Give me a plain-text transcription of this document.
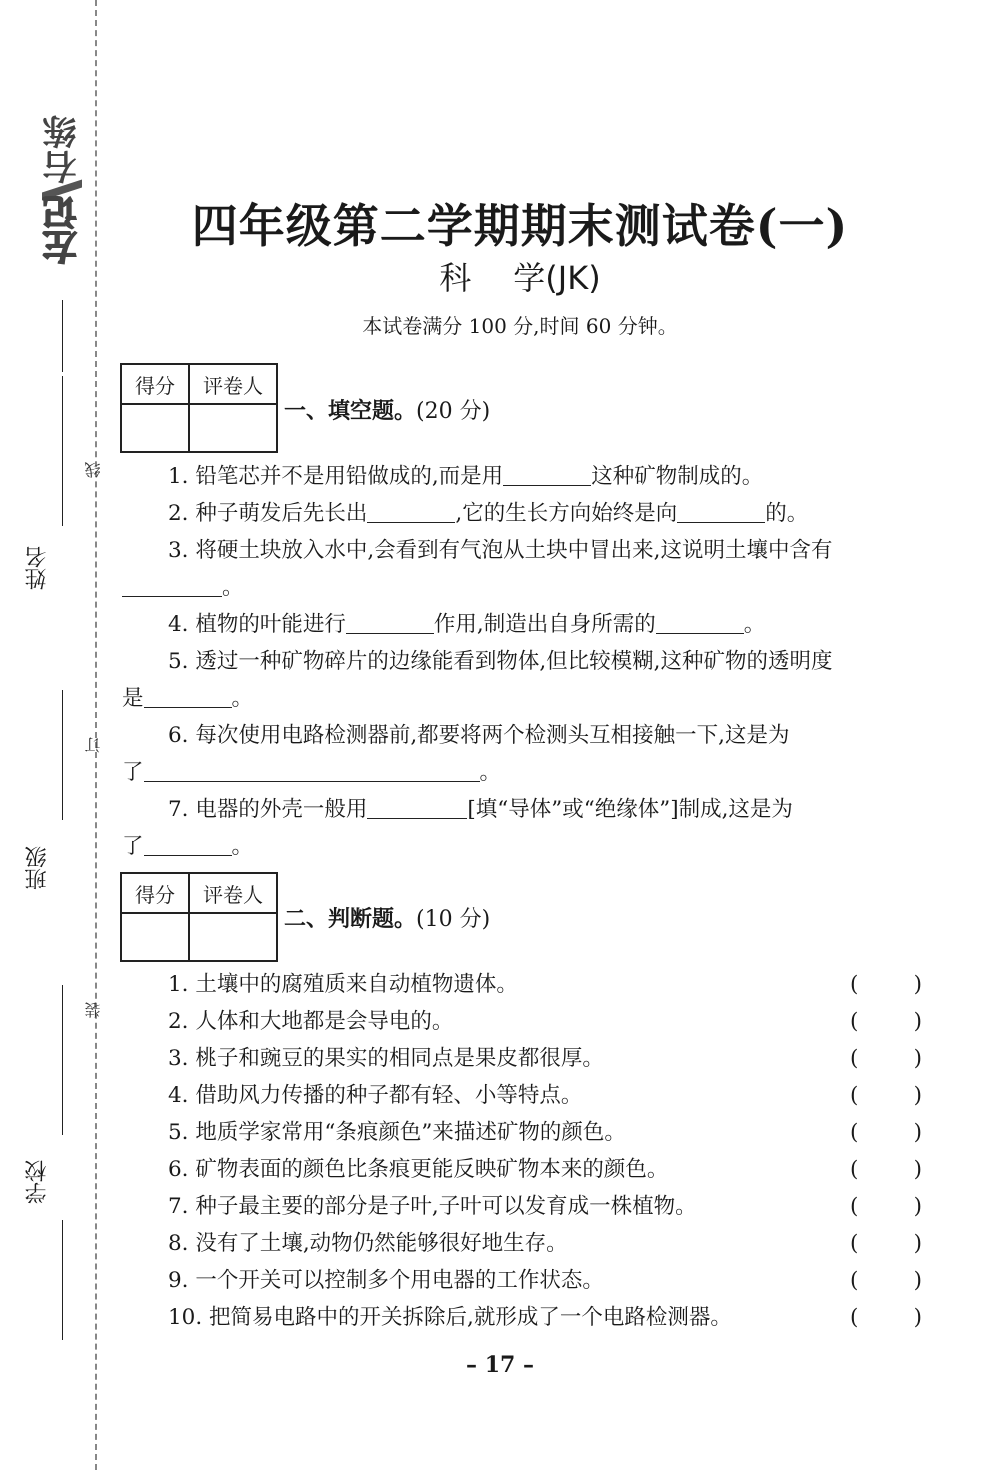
右练
左记
姓名
班级
学校
线
订
装
四年级第二学期期末测试卷(一)
科 学(JK)
本试卷满分 100 分,时间 60 分钟。
得分	评卷人

一、填空题。(20 分)
1. 铅笔芯并不是用铅做成的,而是用	这种矿物制成的。
2. 种子萌发后先长出	,它的生长方向始终是向	的。
3. 将硬土块放入水中,会看到有气泡从土块中冒出来,这说明土壤中含有
。
4. 植物的叶能进行	作用,制造出自身所需的	。
5. 透过一种矿物碎片的边缘能看到物体,但比较模糊,这种矿物的透明度
是	。
6. 每次使用电路检测器前,都要将两个检测头互相接触一下,这是为
了	。
7. 电器的外壳一般用	[填“导体”或“绝缘体”]制成,这是为
了	。
得分	评卷人

二、判断题。(10 分)
1. 土壤中的腐殖质来自动植物遗体。	(	)
2. 人体和大地都是会导电的。	(	)
3. 桃子和豌豆的果实的相同点是果皮都很厚。	(	)
4. 借助风力传播的种子都有轻、小等特点。	(	)
5. 地质学家常用“条痕颜色”来描述矿物的颜色。	(	)
6. 矿物表面的颜色比条痕更能反映矿物本来的颜色。	(	)
7. 种子最主要的部分是子叶,子叶可以发育成一株植物。	(	)
8. 没有了土壤,动物仍然能够很好地生存。	(	)
9. 一个开关可以控制多个用电器的工作状态。	(	)
10. 把简易电路中的开关拆除后,就形成了一个电路检测器。	(	)
– 17 –
